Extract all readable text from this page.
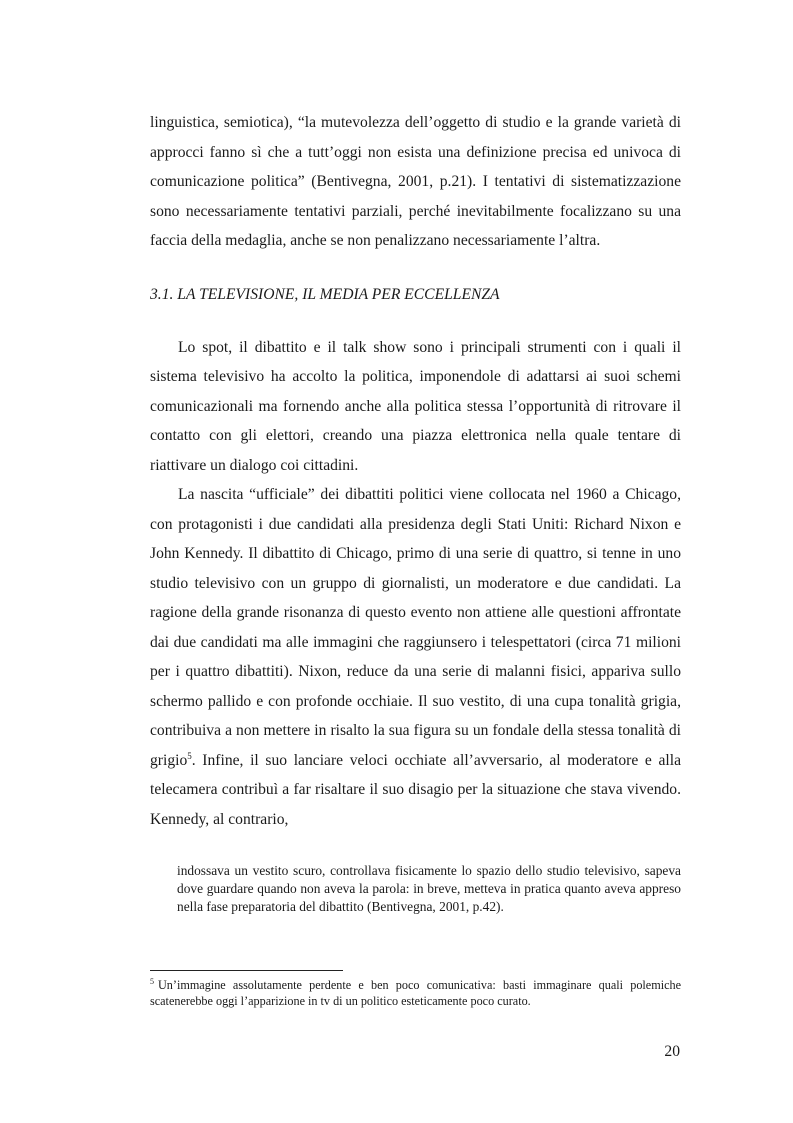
linguistica, semiotica), “la mutevolezza dell’oggetto di studio e la grande varietà di approcci fanno sì che a tutt’oggi non esista una definizione precisa ed univoca di comunicazione politica” (Bentivegna, 2001, p.21). I tentativi di sistematizzazione sono necessariamente tentativi parziali, perché inevitabilmente focalizzano su una faccia della medaglia, anche se non penalizzano necessariamente l’altra.

3.1. LA TELEVISIONE, IL MEDIA PER ECCELLENZA

Lo spot, il dibattito e il talk show sono i principali strumenti con i quali il sistema televisivo ha accolto la politica, imponendole di adattarsi ai suoi schemi comunicazionali ma fornendo anche alla politica stessa l’opportunità di ritrovare il contatto con gli elettori, creando una piazza elettronica nella quale tentare di riattivare un dialogo coi cittadini.

La nascita “ufficiale” dei dibattiti politici viene collocata nel 1960 a Chicago, con protagonisti i due candidati alla presidenza degli Stati Uniti: Richard Nixon e John Kennedy. Il dibattito di Chicago, primo di una serie di quattro, si tenne in uno studio televisivo con un gruppo di giornalisti, un moderatore e due candidati. La ragione della grande risonanza di questo evento non attiene alle questioni affrontate dai due candidati ma alle immagini che raggiunsero i telespettatori (circa 71 milioni per i quattro dibattiti). Nixon, reduce da una serie di malanni fisici, appariva sullo schermo pallido e con profonde occhiaie. Il suo vestito, di una cupa tonalità grigia, contribuiva a non mettere in risalto la sua figura su un fondale della stessa tonalità di grigio$^5$. Infine, il suo lanciare veloci occhiate all’avversario, al moderatore e alla telecamera contribuì a far risaltare il suo disagio per la situazione che stava vivendo. Kennedy, al contrario,

indossava un vestito scuro, controllava fisicamente lo spazio dello studio televisivo, sapeva dove guardare quando non aveva la parola: in breve, metteva in pratica quanto aveva appreso nella fase preparatoria del dibattito (Bentivegna, 2001, p.42).

$^5$ Un’immagine assolutamente perdente e ben poco comunicativa: basti immaginare quali polemiche scatenerebbe oggi l’apparizione in tv di un politico esteticamente poco curato.

20
